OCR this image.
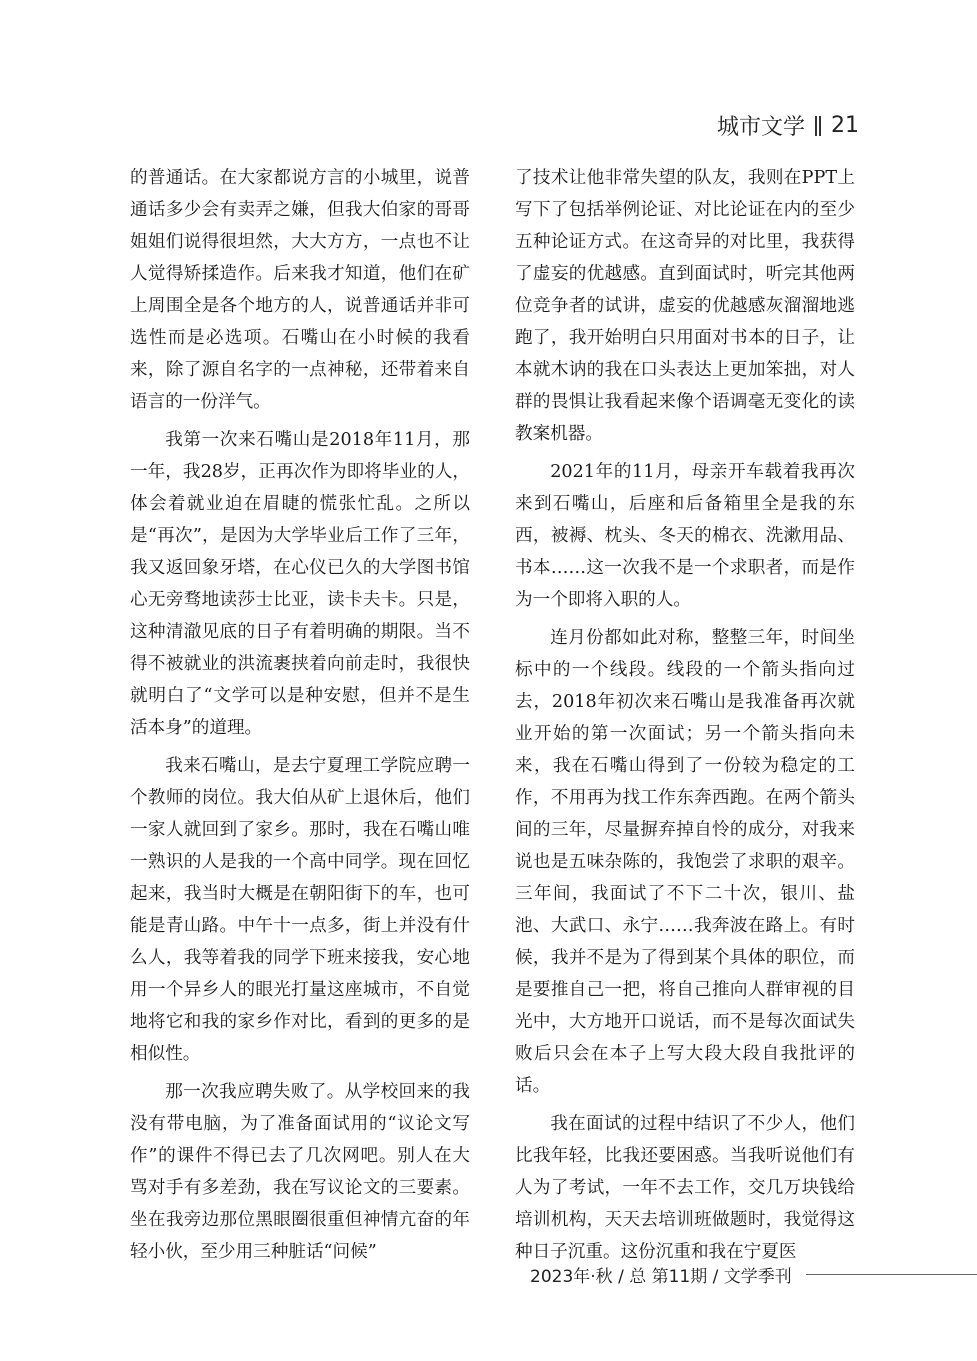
城市文学 21

的普通话。在大家都说方言的小城里，说普通话多少会有卖弄之嫌，但我大伯家的哥哥姐姐们说得很坦然，大大方方，一点也不让人觉得矫揉造作。后来我才知道，他们在矿上周围全是各个地方的人，说普通话并非可选性而是必选项。石嘴山在小时候的我看来，除了源自名字的一点神秘，还带着来自语言的一份洋气。

我第一次来石嘴山是2018年11月，那一年，我28岁，正再次作为即将毕业的人，体会着就业迫在眉睫的慌张忙乱。之所以是“再次”，是因为大学毕业后工作了三年，我又返回象牙塔，在心仪已久的大学图书馆心无旁骛地读莎士比亚，读卡夫卡。只是，这种清澈见底的日子有着明确的期限。当不得不被就业的洪流裹挟着向前走时，我很快就明白了“文学可以是种安慰，但并不是生活本身”的道理。

我来石嘴山，是去宁夏理工学院应聘一个教师的岗位。我大伯从矿上退休后，他们一家人就回到了家乡。那时，我在石嘴山唯一熟识的人是我的一个高中同学。现在回忆起来，我当时大概是在朝阳街下的车，也可能是青山路。中午十一点多，街上并没有什么人，我等着我的同学下班来接我，安心地用一个异乡人的眼光打量这座城市，不自觉地将它和我的家乡作对比，看到的更多的是相似性。

那一次我应聘失败了。从学校回来的我没有带电脑，为了准备面试用的“议论文写作”的课件不得已去了几次网吧。别人在大骂对手有多差劲，我在写议论文的三要素。坐在我旁边那位黑眼圈很重但神情亢奋的年轻小伙，至少用三种脏话“问候”

了技术让他非常失望的队友，我则在PPT上写下了包括举例论证、对比论证在内的至少五种论证方式。在这奇异的对比里，我获得了虚妄的优越感。直到面试时，听完其他两位竞争者的试讲，虚妄的优越感灰溜溜地逃跑了，我开始明白只用面对书本的日子，让本就木讷的我在口头表达上更加笨拙，对人群的畏惧让我看起来像个语调毫无变化的读教案机器。

2021年的11月，母亲开车载着我再次来到石嘴山，后座和后备箱里全是我的东西，被褥、枕头、冬天的棉衣、洗漱用品、书本……这一次我不是一个求职者，而是作为一个即将入职的人。

连月份都如此对称，整整三年，时间坐标中的一个线段。线段的一个箭头指向过去，2018年初次来石嘴山是我准备再次就业开始的第一次面试；另一个箭头指向未来，我在石嘴山得到了一份较为稳定的工作，不用再为找工作东奔西跑。在两个箭头间的三年，尽量摒弃掉自怜的成分，对我来说也是五味杂陈的，我饱尝了求职的艰辛。三年间，我面试了不下二十次，银川、盐池、大武口、永宁……我奔波在路上。有时候，我并不是为了得到某个具体的职位，而是要推自己一把，将自己推向人群审视的目光中，大方地开口说话，而不是每次面试失败后只会在本子上写大段大段自我批评的话。

我在面试的过程中结识了不少人，他们比我年轻，比我还要困惑。当我听说他们有人为了考试，一年不去工作，交几万块钱给培训机构，天天去培训班做题时，我觉得这种日子沉重。这份沉重和我在宁夏医

2023年·秋 / 总 第11期 / 文学季刊
